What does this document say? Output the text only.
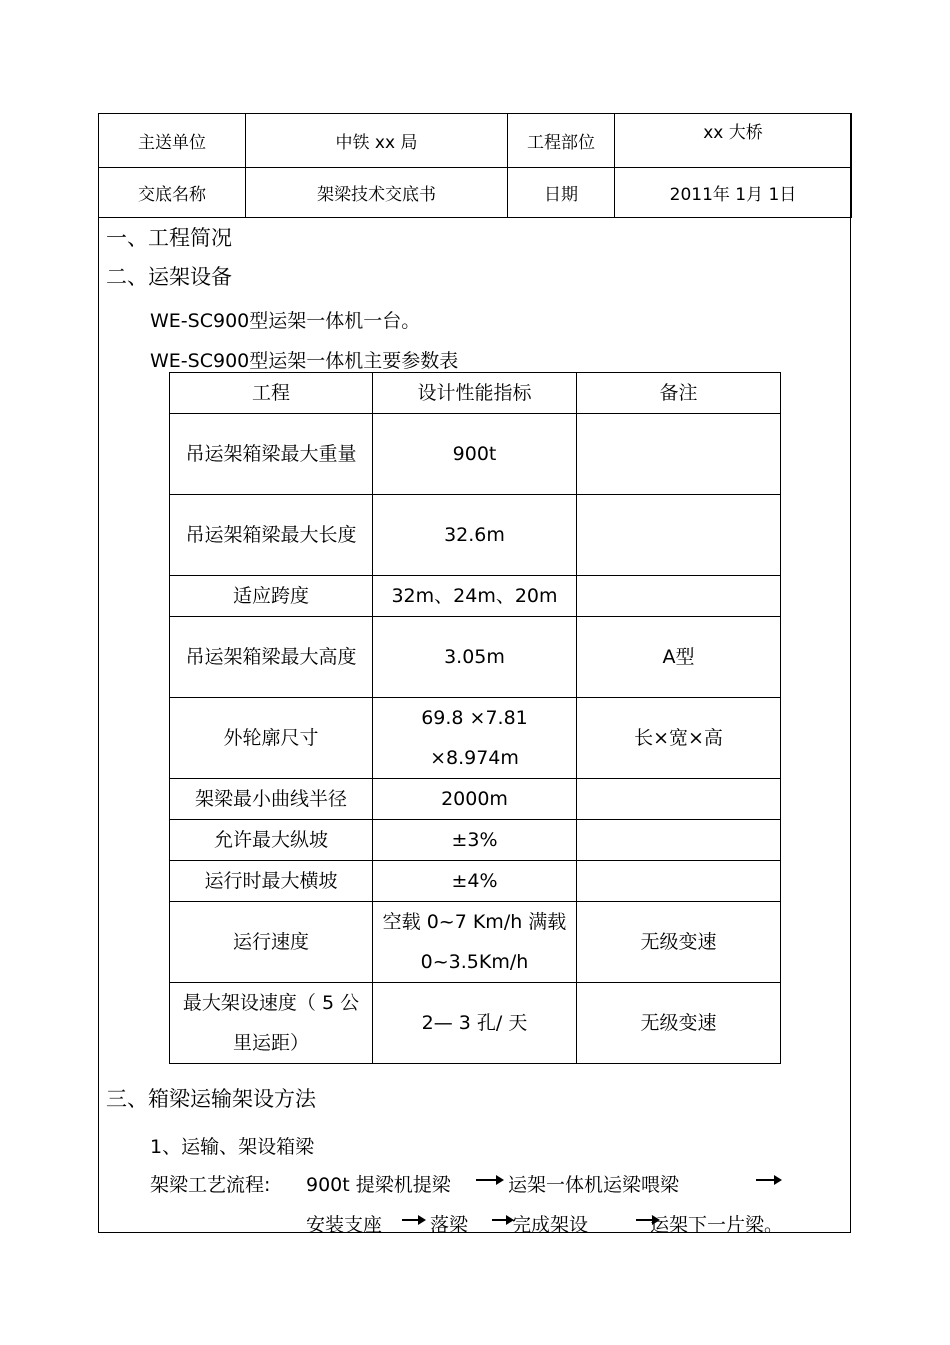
主送单位	中铁 xx 局	工程部位	xx 大桥
交底名称	架梁技术交底书	日期	2011年 1月 1日
一、工程简况
二、运架设备
WE-SC900型运架一体机一台。
WE-SC900型运架一体机主要参数表
工程	设计性能指标	备注
吊运架箱梁最大重量	900t	
吊运架箱梁最大长度	32.6m	
适应跨度	32m、24m、20m	
吊运架箱梁最大高度	3.05m	A型
外轮廓尺寸	69.8 ×7.81 ×8.974m	长×宽×高
架梁最小曲线半径	2000m	
允许最大纵坡	±3%	
运行时最大横坡	±4%	
运行速度	空载 0~7 Km/h 满载 0~3.5Km/h	无级变速
最大架设速度（ 5 公里运距）	2— 3 孔/ 天	无级变速
三、箱梁运输架设方法
1、运输、架设箱梁
架梁工艺流程: 900t 提梁机提梁	运架一体机运梁喂梁
安装支座	落梁 完成架设	运架下一片梁。
